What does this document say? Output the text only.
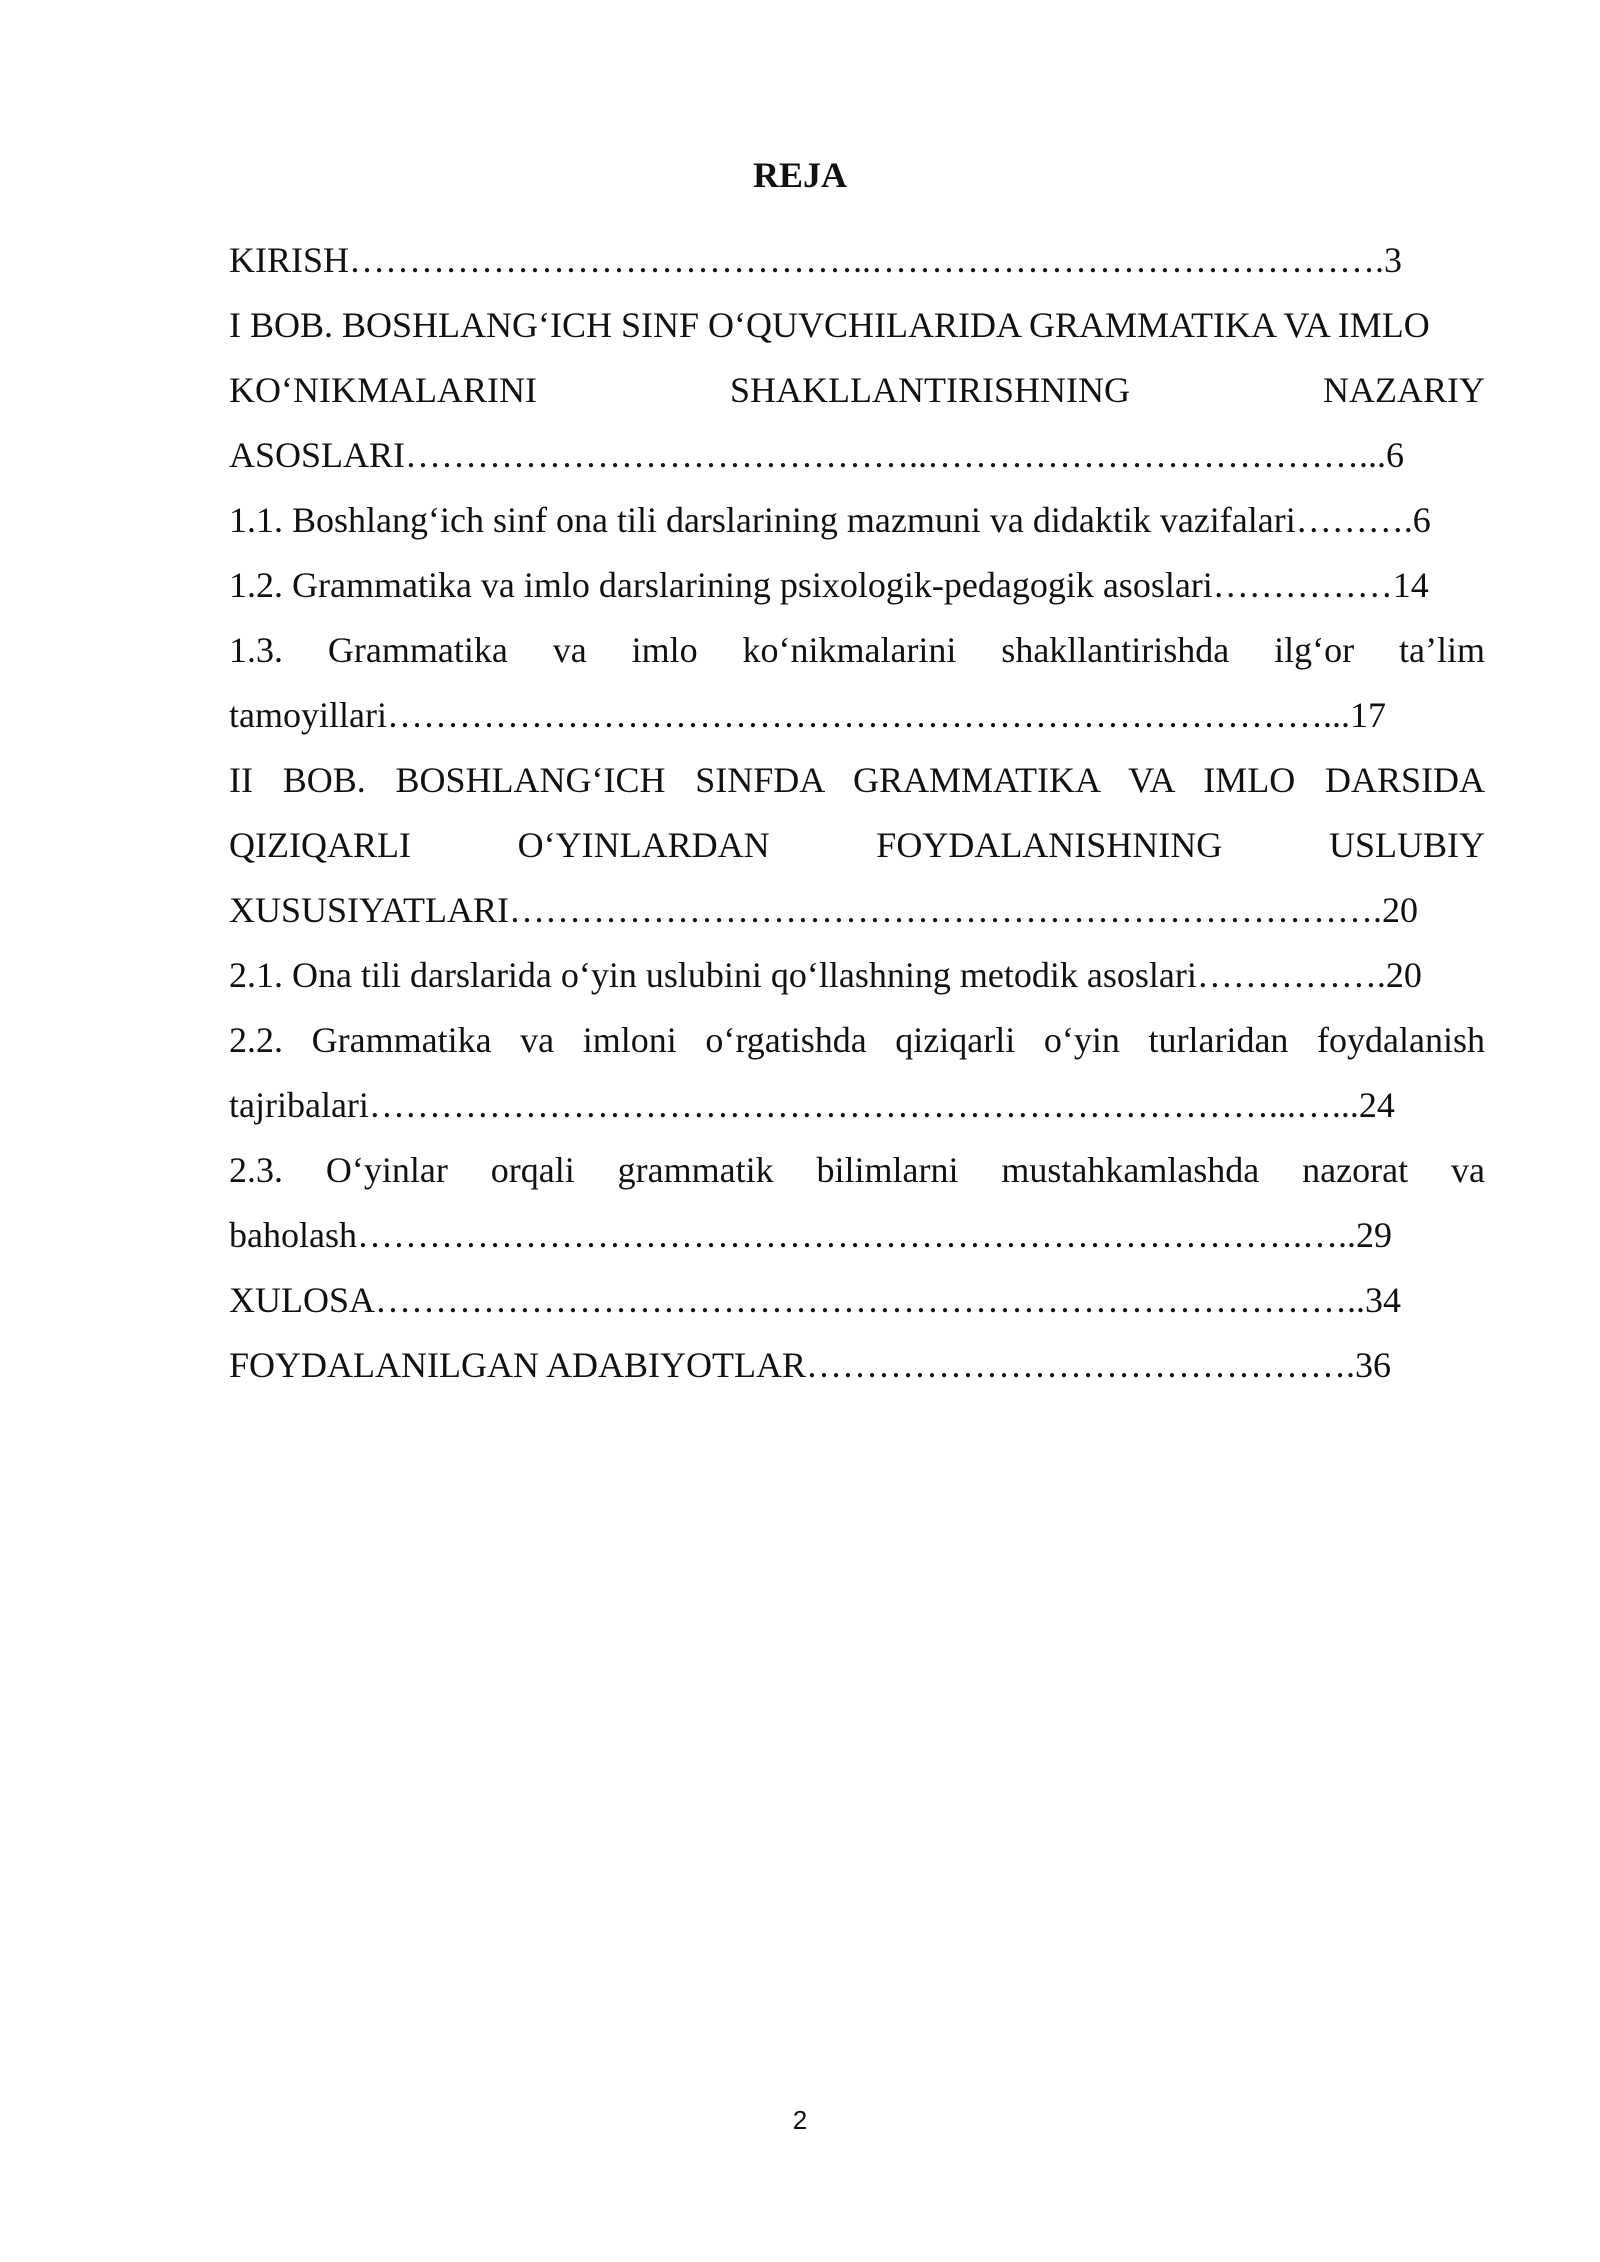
REJA
KIRISH……………………………………..…………………………………….3
I BOB. BOSHLANG‘ICH SINF O‘QUVCHILARIDA GRAMMATIKA VA IMLO
KO‘NIKMALARINI SHAKLLANTIRISHNING NAZARIY
ASOSLARI……………………………………..………………………………...6
1.1. Boshlang‘ich sinf ona tili darslarining mazmuni va didaktik vazifalari……….6
1.2. Grammatika va imlo darslarining psixologik-pedagogik asoslari……………14
1.3. Grammatika va imlo ko‘nikmalarini shakllantirishda ilg‘or ta’lim
tamoyillari……………………………………………………………………...17
II BOB. BOSHLANG‘ICH SINFDA GRAMMATIKA VA IMLO DARSIDA
QIZIQARLI O‘YINLARDAN FOYDALANISHNING USLUBIY
XUSUSIYATLARI……………………………………………………………….20
2.1. Ona tili darslarida o‘yin uslubini qo‘llashning metodik asoslari…………….20
2.2. Grammatika va imloni o‘rgatishda qiziqarli o‘yin turlaridan foydalanish
tajribalari…………………………………………………………………...…...24
2.3. O‘yinlar orqali grammatik bilimlarni mustahkamlashda nazorat va
baholash…………………………………………………………………….…..29
XULOSA………………………………………………………………………..34
FOYDALANILGAN ADABIYOTLAR……………………………………….36
2
